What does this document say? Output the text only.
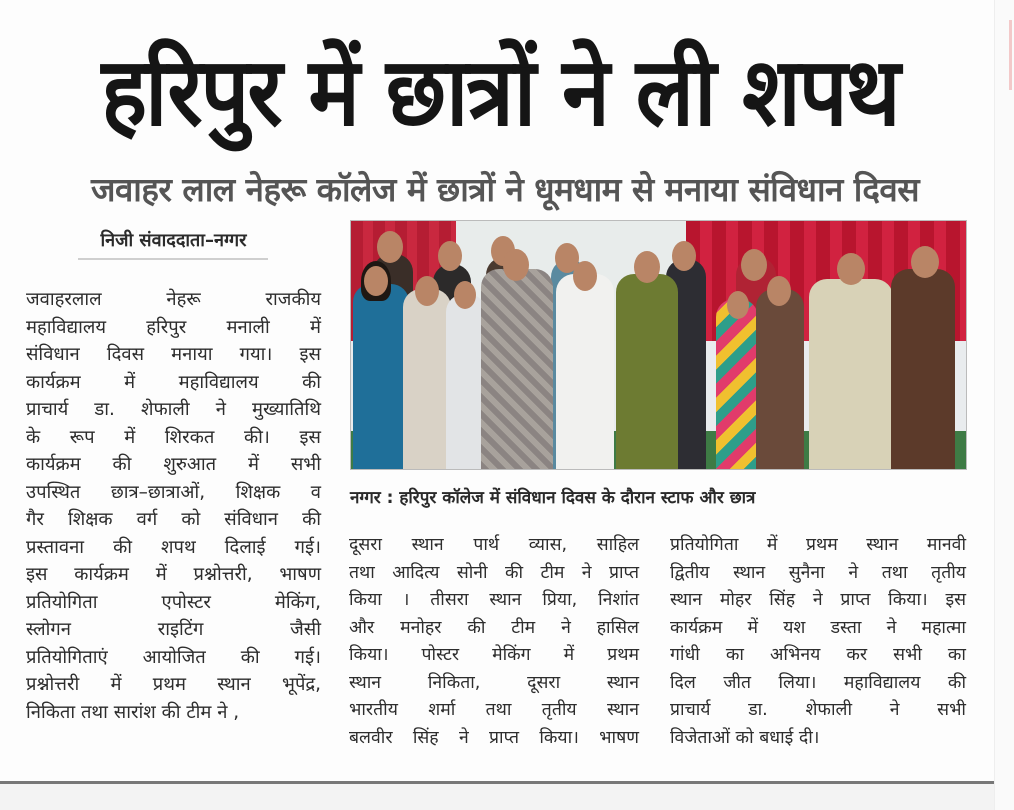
हरिपुर में छात्रों ने ली शपथ
जवाहर लाल नेहरू कॉलेज में छात्रों ने धूमधाम से मनाया संविधान दिवस
निजी संवाददाता–नग्गर
जवाहरलाल नेहरू राजकीय
महाविद्यालय हरिपुर मनाली में
संविधान दिवस मनाया गया। इस
कार्यक्रम में महाविद्यालय की
प्राचार्य डा. शेफाली ने मुख्यातिथि
के रूप में शिरकत की। इस
कार्यक्रम की शुरुआत में सभी
उपस्थित छात्र–छात्राओं, शिक्षक व
गैर शिक्षक वर्ग को संविधान की
प्रस्तावना की शपथ दिलाई गई।
इस कार्यक्रम में प्रश्नोत्तरी, भाषण
प्रतियोगिता एपोस्टर मेकिंग,
स्लोगन राइटिंग जैसी
प्रतियोगिताएं आयोजित की गई।
प्रश्नोत्तरी में प्रथम स्थान भूपेंद्र,
निकिता तथा सारांश की टीम ने ,
नग्गर : हरिपुर कॉलेज में संविधान दिवस के दौरान स्टाफ और छात्र
दूसरा स्थान पार्थ व्यास, साहिल
तथा आदित्य सोनी की टीम ने प्राप्त
किया । तीसरा स्थान प्रिया, निशांत
और मनोहर की टीम ने हासिल
किया। पोस्टर मेकिंग में प्रथम
स्थान निकिता, दूसरा स्थान
भारतीय शर्मा तथा तृतीय स्थान
बलवीर सिंह ने प्राप्त किया। भाषण
प्रतियोगिता में प्रथम स्थान मानवी
द्वितीय स्थान सुनैना ने तथा तृतीय
स्थान मोहर सिंह ने प्राप्त किया। इस
कार्यक्रम में यश डस्ता ने महात्मा
गांधी का अभिनय कर सभी का
दिल जीत लिया। महाविद्यालय की
प्राचार्य डा. शेफाली ने सभी
विजेताओं को बधाई दी।
